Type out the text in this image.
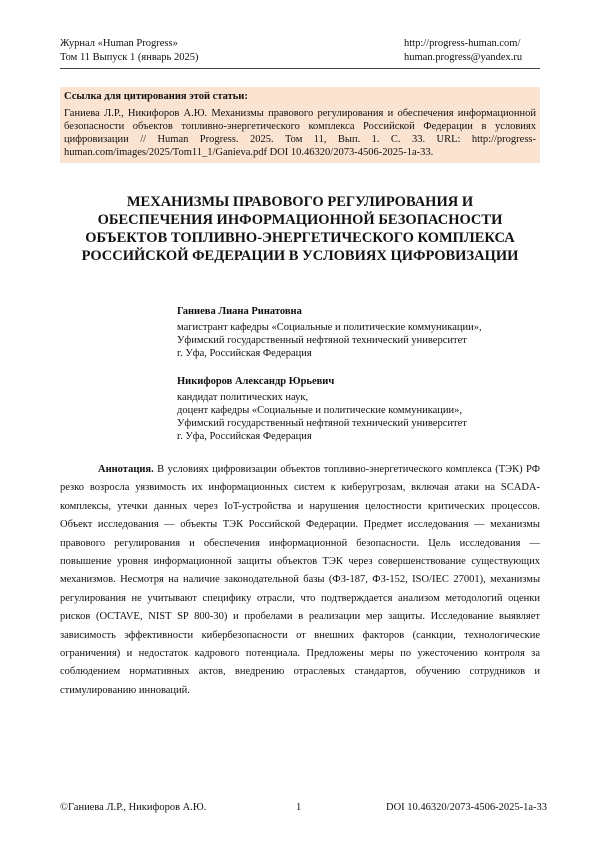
Журнал «Human Progress»
Том 11 Выпуск 1 (январь 2025)
http://progress-human.com/
human.progress@yandex.ru
Ссылка для цитирования этой статьи:
Ганиева Л.Р., Никифоров А.Ю. Механизмы правового регулирования и обеспечения информационной безопасности объектов топливно-энергетического комплекса Российской Федерации в условиях цифровизации // Human Progress. 2025. Том 11, Вып. 1. С. 33. URL: http://progress-human.com/images/2025/Tom11_1/Ganieva.pdf DOI 10.46320/2073-4506-2025-1a-33.
МЕХАНИЗМЫ ПРАВОВОГО РЕГУЛИРОВАНИЯ И ОБЕСПЕЧЕНИЯ ИНФОРМАЦИОННОЙ БЕЗОПАСНОСТИ ОБЪЕКТОВ ТОПЛИВНО-ЭНЕРГЕТИЧЕСКОГО КОМПЛЕКСА РОССИЙСКОЙ ФЕДЕРАЦИИ В УСЛОВИЯХ ЦИФРОВИЗАЦИИ
Ганиева Лиана Ринатовна
магистрант кафедры «Социальные и политические коммуникации»,
Уфимский государственный нефтяной технический университет
г. Уфа, Российская Федерация
Никифоров Александр Юрьевич
кандидат политических наук,
доцент кафедры «Социальные и политические коммуникации»,
Уфимский государственный нефтяной технический университет
г. Уфа, Российская Федерация
Аннотация. В условиях цифровизации объектов топливно-энергетического комплекса (ТЭК) РФ резко возросла уязвимость их информационных систем к киберугрозам, включая атаки на SCADA-комплексы, утечки данных через IoT-устройства и нарушения целостности критических процессов. Объект исследования — объекты ТЭК Российской Федерации. Предмет исследования — механизмы правового регулирования и обеспечения информационной безопасности. Цель исследования — повышение уровня информационной защиты объектов ТЭК через совершенствование существующих механизмов. Несмотря на наличие законодательной базы (ФЗ-187, ФЗ-152, ISO/IEC 27001), механизмы регулирования не учитывают специфику отрасли, что подтверждается анализом методологий оценки рисков (OCTAVE, NIST SP 800-30) и пробелами в реализации мер защиты. Исследование выявляет зависимость эффективности кибербезопасности от внешних факторов (санкции, технологические ограничения) и недостаток кадрового потенциала. Предложены меры по ужесточению контроля за соблюдением нормативных актов, внедрению отраслевых стандартов, обучению сотрудников и стимулированию инноваций.
©Ганиева Л.Р., Никифоров А.Ю.	1	DOI 10.46320/2073-4506-2025-1a-33
